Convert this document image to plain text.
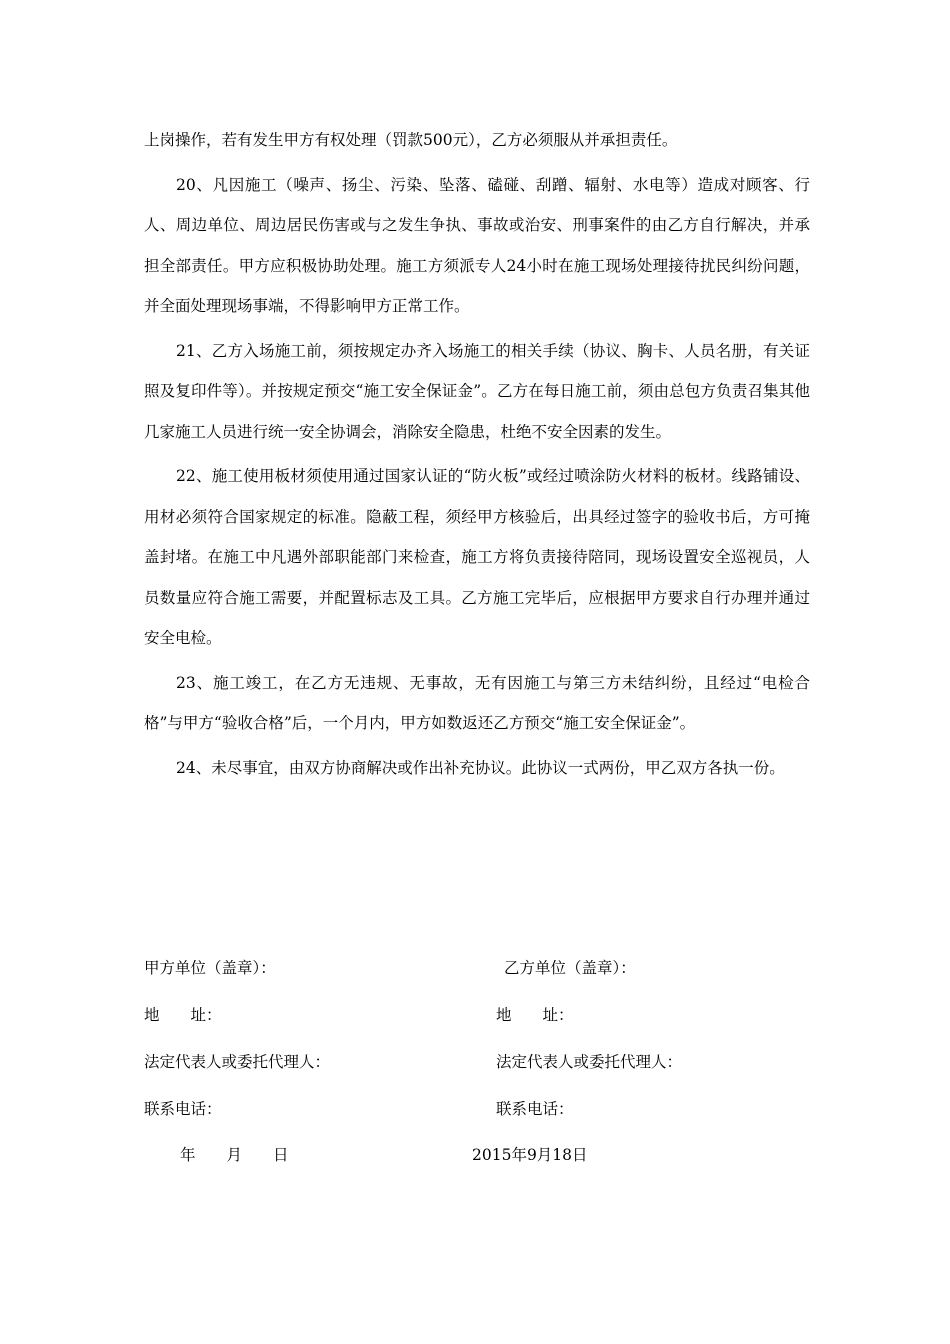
上岗操作，若有发生甲方有权处理（罚款500元），乙方必须服从并承担责任。

20、凡因施工（噪声、扬尘、污染、坠落、磕碰、刮蹭、辐射、水电等）造成对顾客、行人、周边单位、周边居民伤害或与之发生争执、事故或治安、刑事案件的由乙方自行解决，并承担全部责任。甲方应积极协助处理。施工方须派专人24小时在施工现场处理接待扰民纠纷问题，并全面处理现场事端，不得影响甲方正常工作。

21、乙方入场施工前，须按规定办齐入场施工的相关手续（协议、胸卡、人员名册，有关证照及复印件等）。并按规定预交“施工安全保证金”。乙方在每日施工前，须由总包方负责召集其他几家施工人员进行统一安全协调会，消除安全隐患，杜绝不安全因素的发生。

22、施工使用板材须使用通过国家认证的“防火板”或经过喷涂防火材料的板材。线路铺设、用材必须符合国家规定的标准。隐蔽工程，须经甲方核验后，出具经过签字的验收书后，方可掩盖封堵。在施工中凡遇外部职能部门来检查，施工方将负责接待陪同，现场设置安全巡视员，人员数量应符合施工需要，并配置标志及工具。乙方施工完毕后，应根据甲方要求自行办理并通过安全电检。

23、施工竣工，在乙方无违规、无事故，无有因施工与第三方未结纠纷，且经过“电检合格”与甲方“验收合格”后，一个月内，甲方如数返还乙方预交“施工安全保证金”。

24、未尽事宜，由双方协商解决或作出补充协议。此协议一式两份，甲乙双方各执一份。

甲方单位（盖章）：
地　　址：
法定代表人或委托代理人：
联系电话：
年　　月　　日
乙方单位（盖章）：
地　　址：
法定代表人或委托代理人：
联系电话：
2015年9月18日
